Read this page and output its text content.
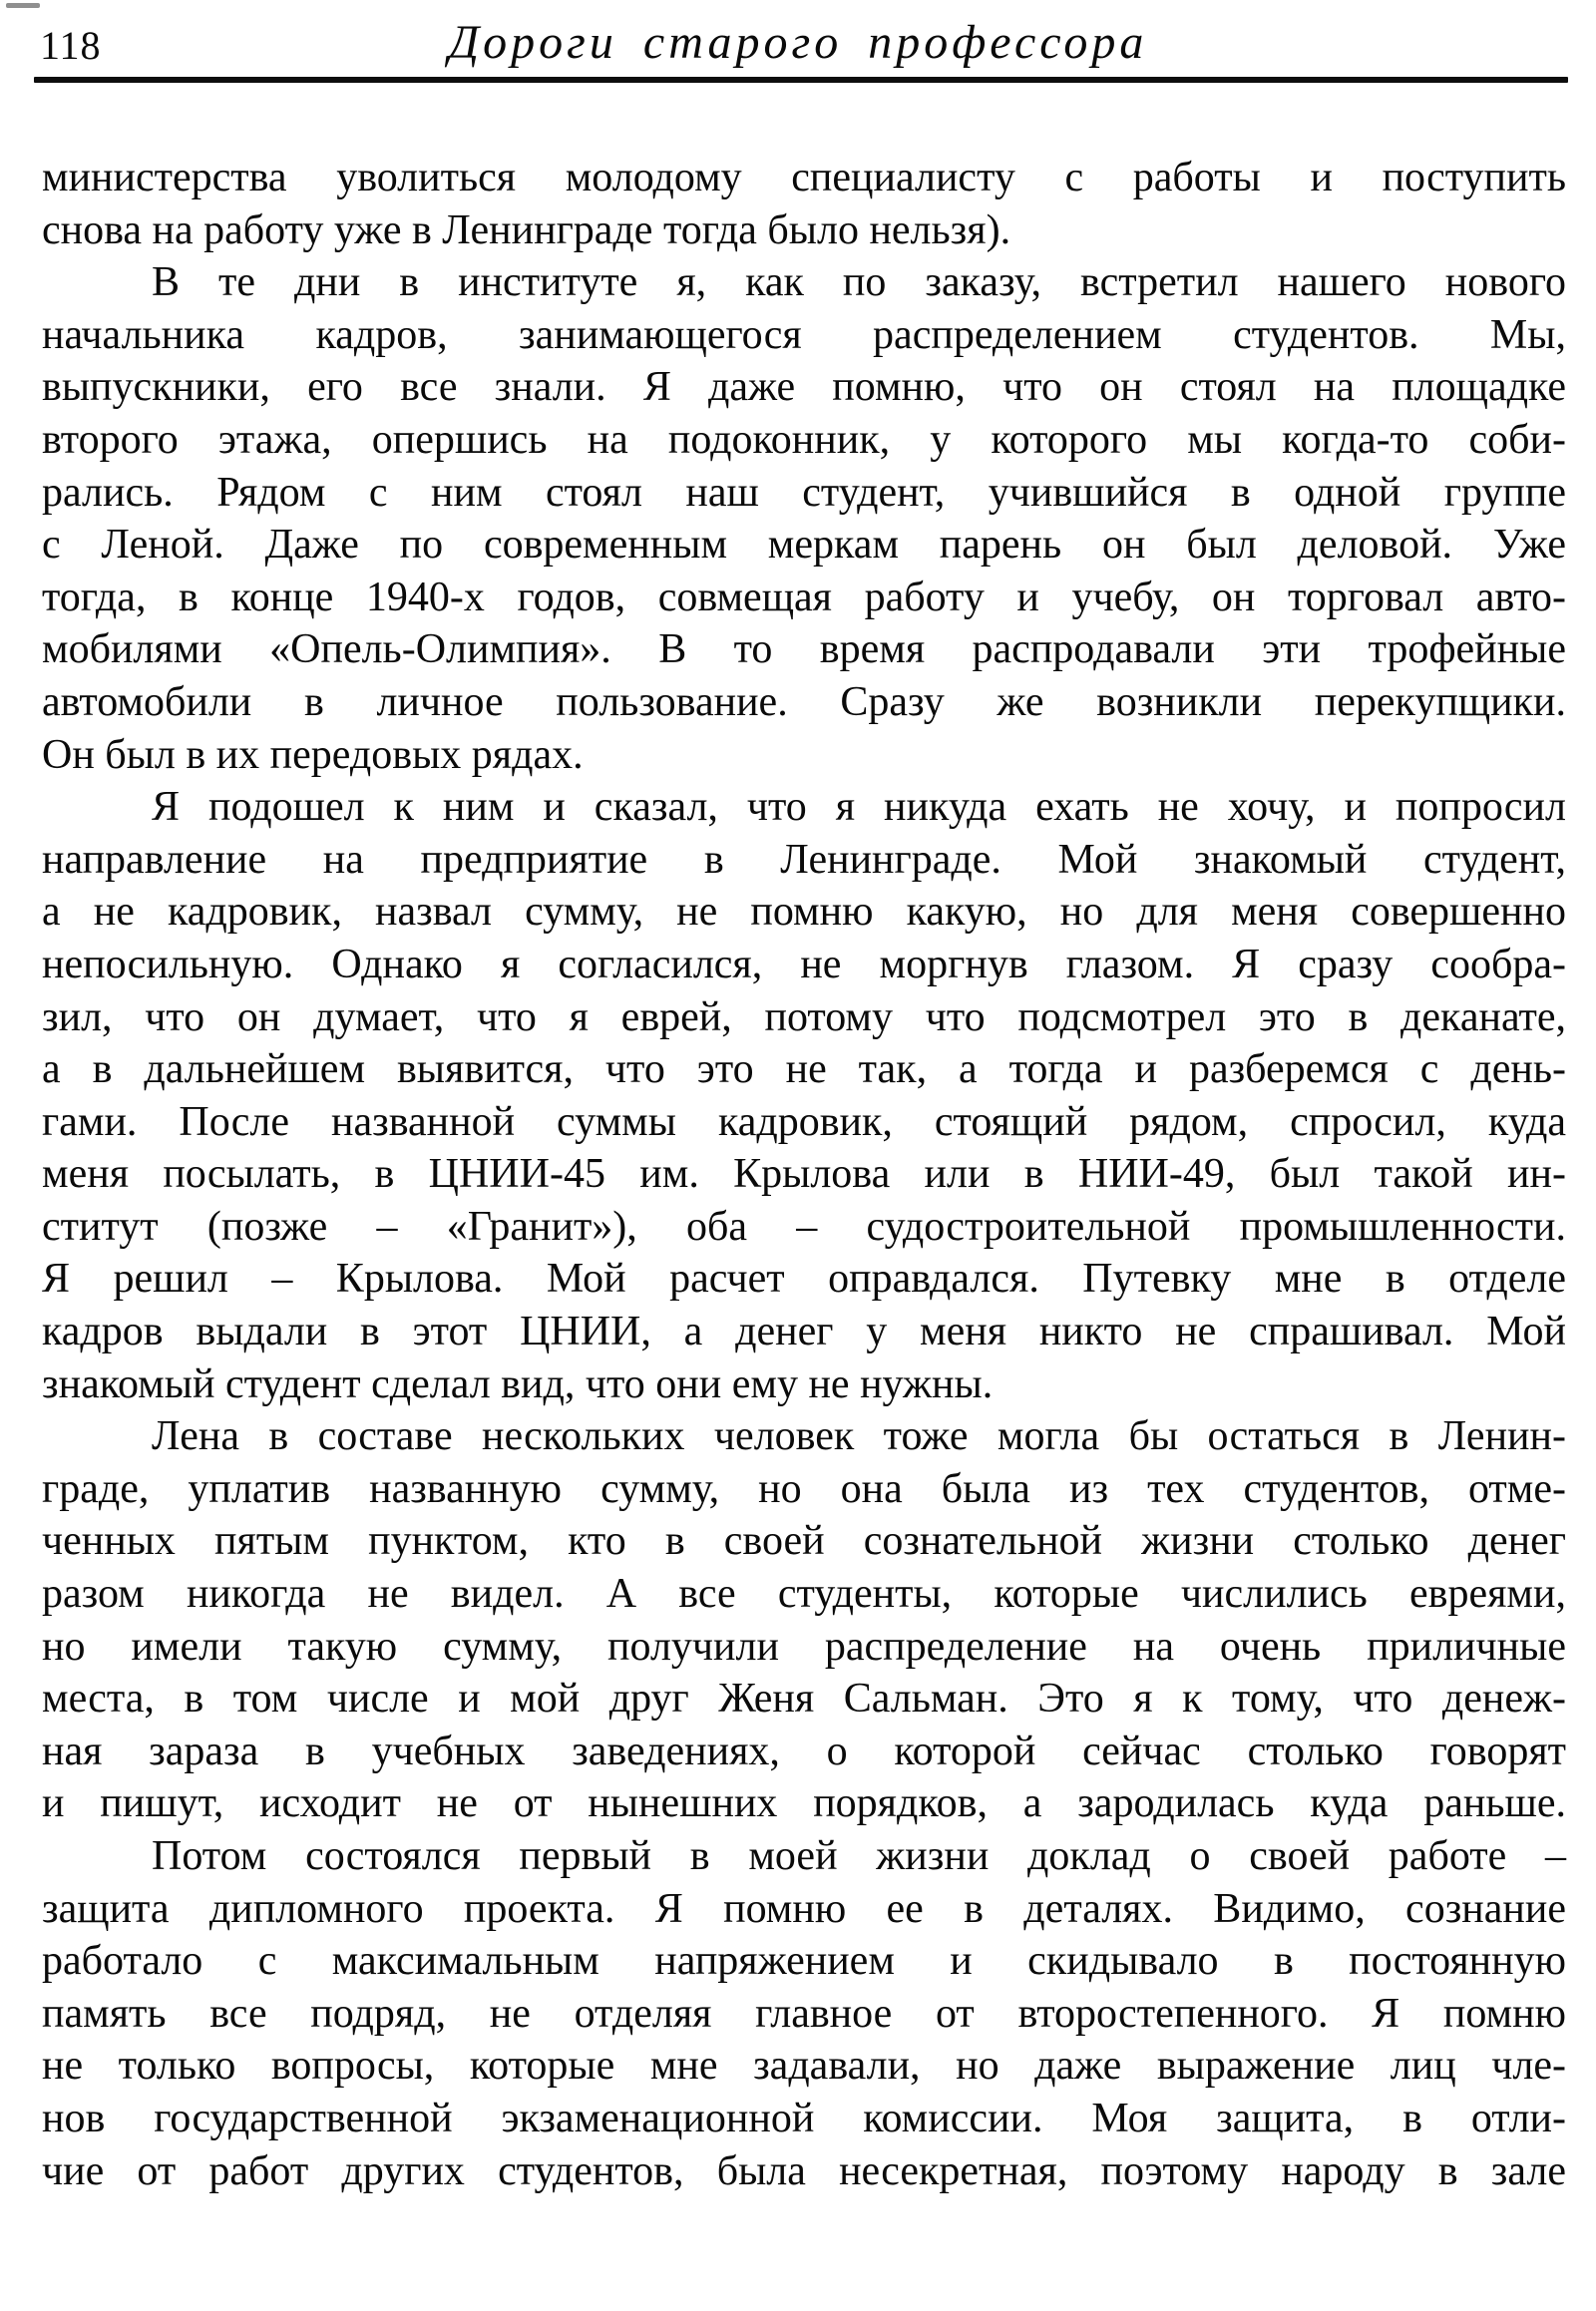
118	Дороги старого профессора
министерства уволиться молодому специалисту с работы и поступить
снова на работу уже в Ленинграде тогда было нельзя).
В те дни в институте я, как по заказу, встретил нашего нового
начальника кадров, занимающегося распределением студентов. Мы,
выпускники, его все знали. Я даже помню, что он стоял на площадке
второго этажа, опершись на подоконник, у которого мы когда-то соби-
рались. Рядом с ним стоял наш студент, учившийся в одной группе
с Леной. Даже по современным меркам парень он был деловой. Уже
тогда, в конце 1940-х годов, совмещая работу и учебу, он торговал авто-
мобилями «Опель-Олимпия». В то время распродавали эти трофейные
автомобили в личное пользование. Сразу же возникли перекупщики.
Он был в их передовых рядах.
Я подошел к ним и сказал, что я никуда ехать не хочу, и попросил
направление на предприятие в Ленинграде. Мой знакомый студент,
а не кадровик, назвал сумму, не помню какую, но для меня совершенно
непосильную. Однако я согласился, не моргнув глазом. Я сразу сообра-
зил, что он думает, что я еврей, потому что подсмотрел это в деканате,
а в дальнейшем выявится, что это не так, а тогда и разберемся с день-
гами. После названной суммы кадровик, стоящий рядом, спросил, куда
меня посылать, в ЦНИИ-45 им. Крылова или в НИИ-49, был такой ин-
ститут (позже – «Гранит»), оба – судостроительной промышленности.
Я решил – Крылова. Мой расчет оправдался. Путевку мне в отделе
кадров выдали в этот ЦНИИ, а денег у меня никто не спрашивал. Мой
знакомый студент сделал вид, что они ему не нужны.
Лена в составе нескольких человек тоже могла бы остаться в Ленин-
граде, уплатив названную сумму, но она была из тех студентов, отме-
ченных пятым пунктом, кто в своей сознательной жизни столько денег
разом никогда не видел. А все студенты, которые числились евреями,
но имели такую сумму, получили распределение на очень приличные
места, в том числе и мой друг Женя Сальман. Это я к тому, что денеж-
ная зараза в учебных заведениях, о которой сейчас столько говорят
и пишут, исходит не от нынешних порядков, а зародилась куда раньше.
Потом состоялся первый в моей жизни доклад о своей работе –
защита дипломного проекта. Я помню ее в деталях. Видимо, сознание
работало с максимальным напряжением и скидывало в постоянную
память все подряд, не отделяя главное от второстепенного. Я помню
не только вопросы, которые мне задавали, но даже выражение лиц чле-
нов государственной экзаменационной комиссии. Моя защита, в отли-
чие от работ других студентов, была несекретная, поэтому народу в зале
